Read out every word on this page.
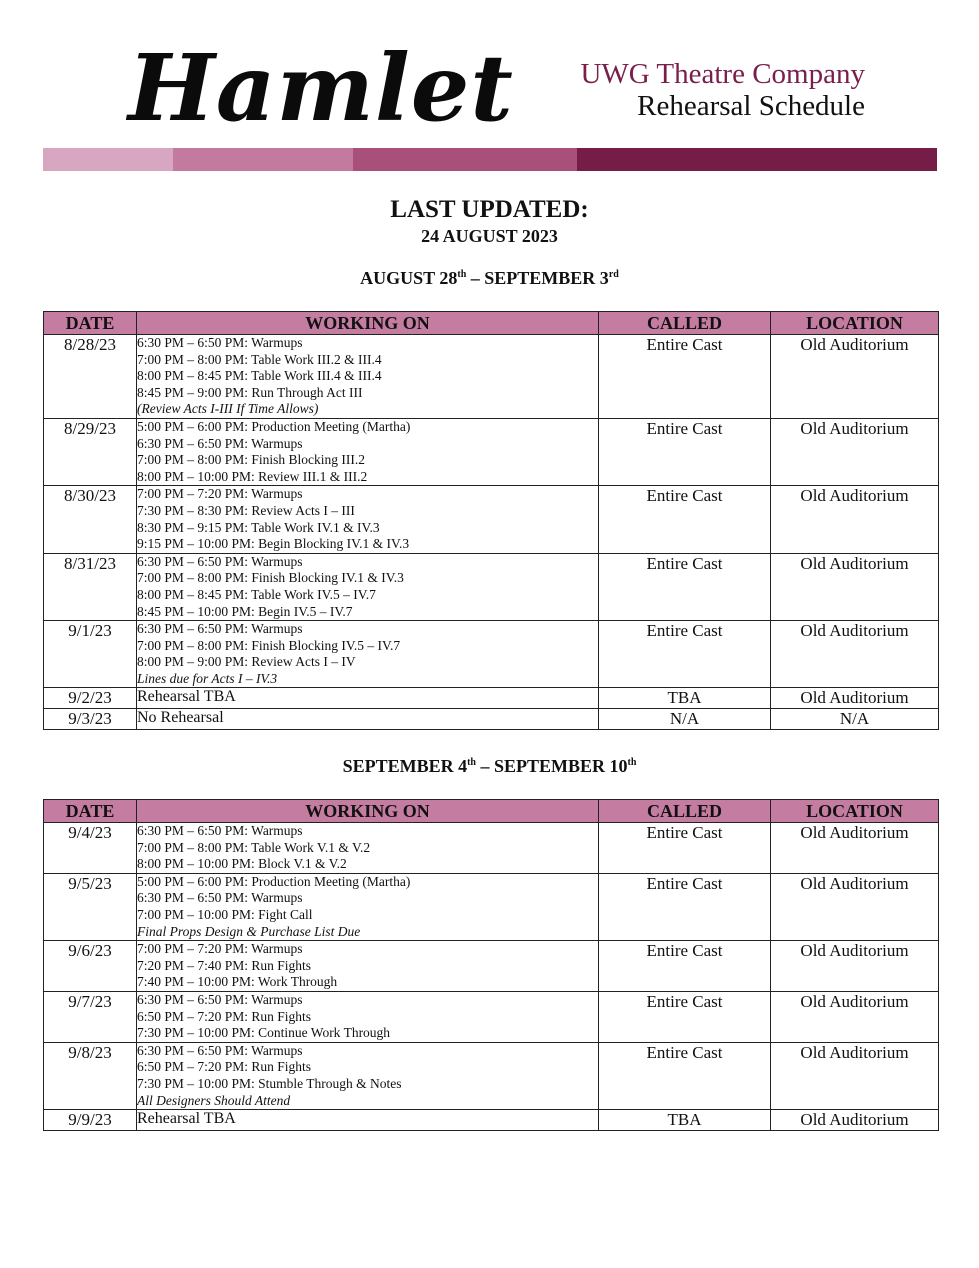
Hamlet UWG Theatre Company
Rehearsal Schedule
LAST UPDATED:
24 AUGUST 2023
AUGUST 28th – SEPTEMBER 3rd
DATE	WORKING ON	CALLED	LOCATION
8/28/23	6:30 PM – 6:50 PM: Warmups
7:00 PM – 8:00 PM: Table Work III.2 & III.4
8:00 PM – 8:45 PM: Table Work III.4 & III.4
8:45 PM – 9:00 PM: Run Through Act III
(Review Acts I-III If Time Allows)	Entire Cast	Old Auditorium
8/29/23	5:00 PM – 6:00 PM: Production Meeting (Martha)
6:30 PM – 6:50 PM: Warmups
7:00 PM – 8:00 PM: Finish Blocking III.2
8:00 PM – 10:00 PM: Review III.1 & III.2	Entire Cast	Old Auditorium
8/30/23	7:00 PM – 7:20 PM: Warmups
7:30 PM – 8:30 PM: Review Acts I – III
8:30 PM – 9:15 PM: Table Work IV.1 & IV.3
9:15 PM – 10:00 PM: Begin Blocking IV.1 & IV.3	Entire Cast	Old Auditorium
8/31/23	6:30 PM – 6:50 PM: Warmups
7:00 PM – 8:00 PM: Finish Blocking IV.1 & IV.3
8:00 PM – 8:45 PM: Table Work IV.5 – IV.7
8:45 PM – 10:00 PM: Begin IV.5 – IV.7	Entire Cast	Old Auditorium
9/1/23	6:30 PM – 6:50 PM: Warmups
7:00 PM – 8:00 PM: Finish Blocking IV.5 – IV.7
8:00 PM – 9:00 PM: Review Acts I – IV
Lines due for Acts I – IV.3	Entire Cast	Old Auditorium
9/2/23	Rehearsal TBA	TBA	Old Auditorium
9/3/23	No Rehearsal	N/A	N/A
SEPTEMBER 4th – SEPTEMBER 10th
DATE	WORKING ON	CALLED	LOCATION
9/4/23	6:30 PM – 6:50 PM: Warmups
7:00 PM – 8:00 PM: Table Work V.1 & V.2
8:00 PM – 10:00 PM: Block V.1 & V.2	Entire Cast	Old Auditorium
9/5/23	5:00 PM – 6:00 PM: Production Meeting (Martha)
6:30 PM – 6:50 PM: Warmups
7:00 PM – 10:00 PM: Fight Call
Final Props Design & Purchase List Due	Entire Cast	Old Auditorium
9/6/23	7:00 PM – 7:20 PM: Warmups
7:20 PM – 7:40 PM: Run Fights
7:40 PM – 10:00 PM: Work Through	Entire Cast	Old Auditorium
9/7/23	6:30 PM – 6:50 PM: Warmups
6:50 PM – 7:20 PM: Run Fights
7:30 PM – 10:00 PM: Continue Work Through	Entire Cast	Old Auditorium
9/8/23	6:30 PM – 6:50 PM: Warmups
6:50 PM – 7:20 PM: Run Fights
7:30 PM – 10:00 PM: Stumble Through & Notes
All Designers Should Attend	Entire Cast	Old Auditorium
9/9/23	Rehearsal TBA	TBA	Old Auditorium
